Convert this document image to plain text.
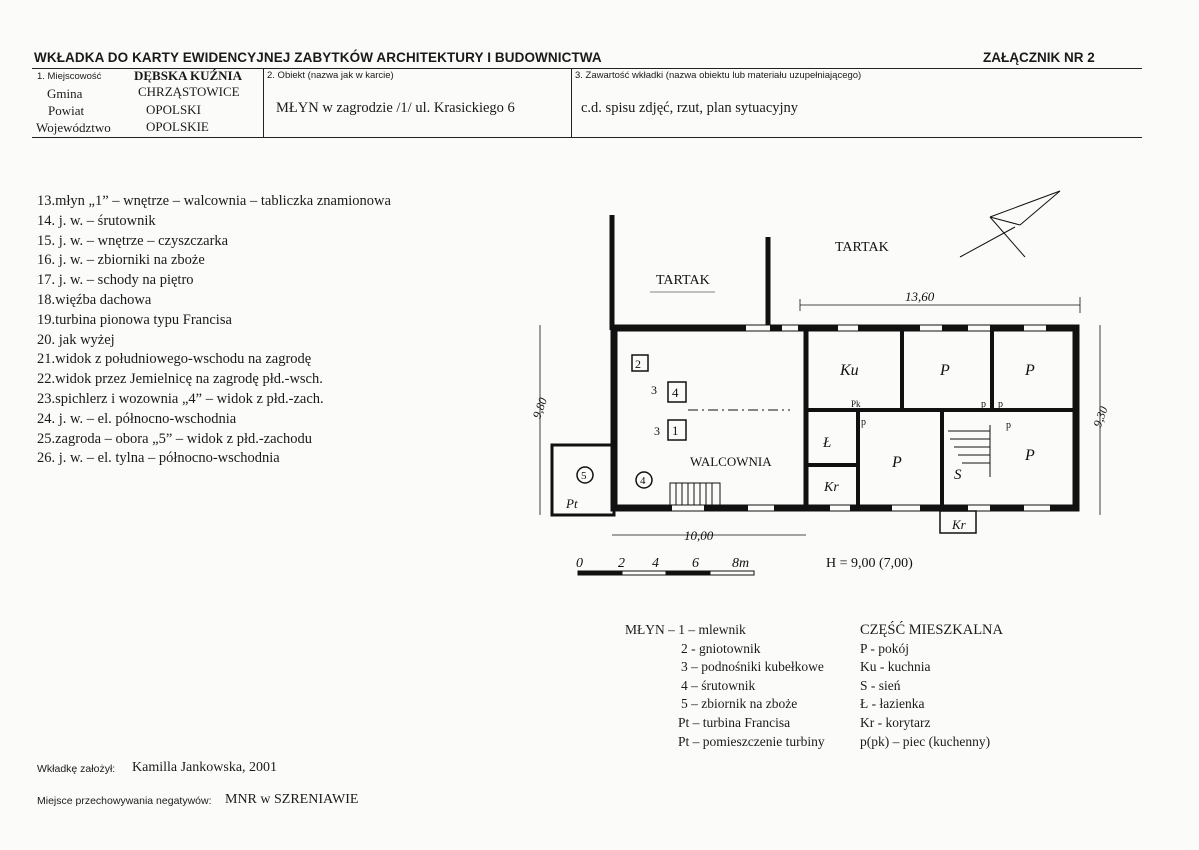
WKŁADKA DO KARTY EWIDENCYJNEJ ZABYTKÓW ARCHITEKTURY I BUDOWNICTWA	ZAŁĄCZNIK NR 2
1. Miejscowość	DĘBSKA KUŹNIA
Gmina	CHRZĄSTOWICE
Powiat	OPOLSKI
Województwo	OPOLSKIE
2. Obiekt (nazwa jak w karcie)
MŁYN w zagrodzie /1/ ul. Krasickiego 6
3. Zawartość wkładki (nazwa obiektu lub materiału uzupełniającego)
c.d. spisu zdjęć, rzut, plan sytuacyjny
13.młyn „1” – wnętrze – walcownia – tabliczka znamionowa
14. j. w. – śrutownik
15. j. w. – wnętrze – czyszczarka
16. j. w. – zbiorniki na zboże
17. j. w. – schody na piętro
18.więźba dachowa
19.turbina pionowa typu Francisa
20. jak wyżej
21.widok z południowego-wschodu na zagrodę
22.widok przez Jemielnicę na zagrodę płd.-wsch.
23.spichlerz i wozownia „4” – widok z płd.-zach.
24. j. w. – el. północno-wschodnia
25.zagroda – obora „5” – widok z płd.-zachodu
26. j. w. – el. tylna – północno-wschodnia
TARTAK
TARTAK
13,60
10,00
9,80	9,30
WALCOWNIA
H = 9,00 (7,00)
Ku	P	P
P	P
Ł
Kr
Kr
S
Pk
p
p p
p
Pt
2
3 4
1
3
1
4
5
0	2 4 6 8m
MŁYN – 1 – mlewnik
2 - gniotownik
3 – podnośniki kubełkowe
4 – śrutownik
5 – zbiornik na zboże
Pt – turbina Francisa
Pt – pomieszczenie turbiny
CZĘŚĆ MIESZKALNA
P - pokój
Ku - kuchnia
S - sień
Ł - łazienka
Kr - korytarz
p(pk) – piec (kuchenny)
Wkładkę założył: Kamilla Jankowska, 2001
Miejsce przechowywania negatywów: MNR w SZRENIAWIE
